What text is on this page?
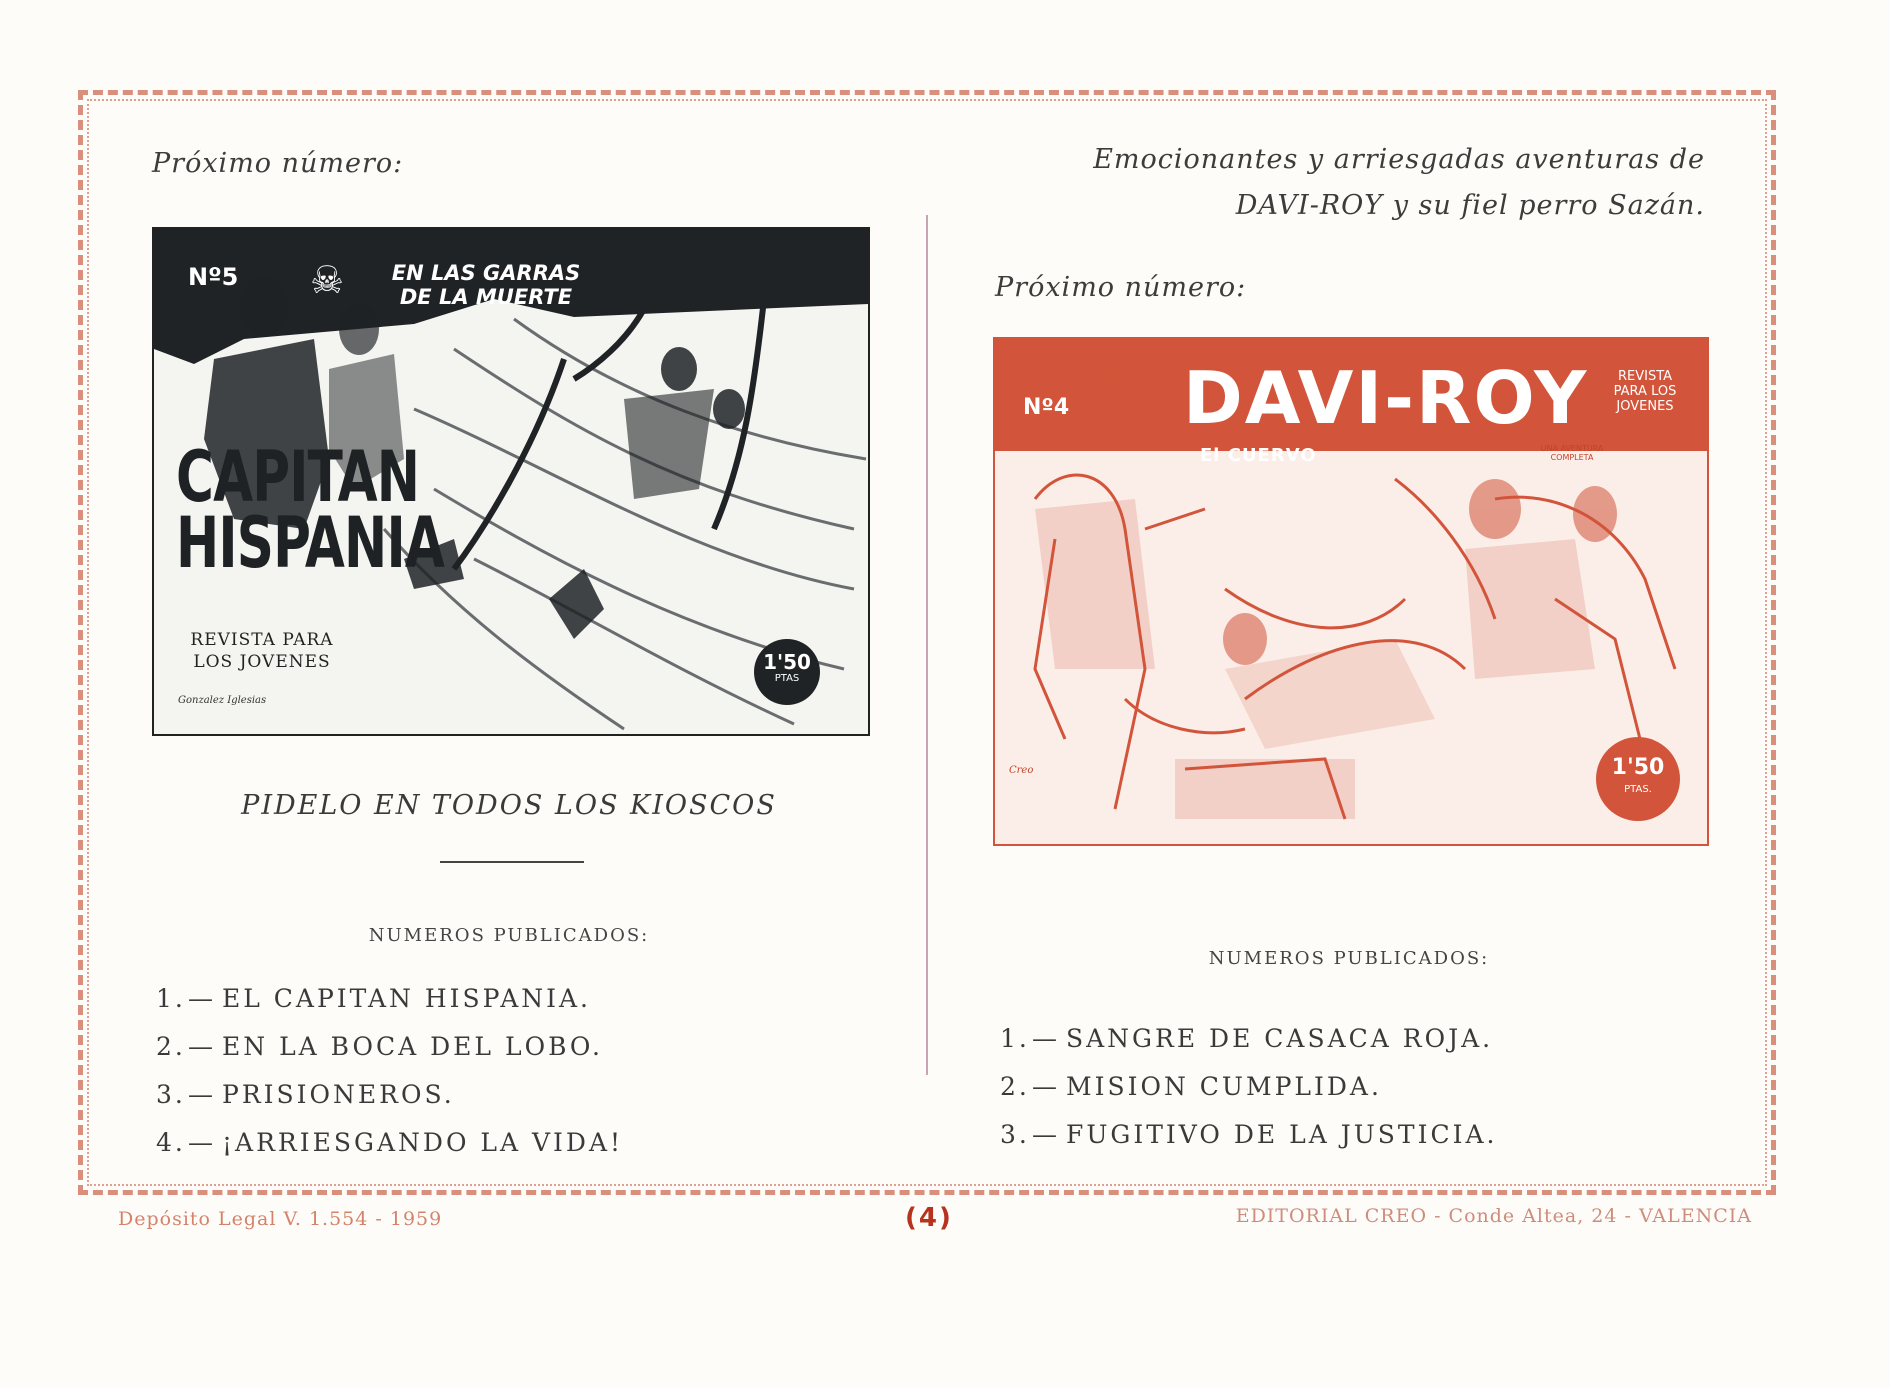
Próximo número:
Nº5 ☠ EN LAS GARRAS DE LA MUERTE
CAPITAN
HISPANIA
REVISTA PARA LOS JOVENES	1'50
PTAS
Gonzalez Iglesias
PIDELO EN TODOS LOS KIOSCOS
NUMEROS PUBLICADOS:
1.— EL CAPITAN HISPANIA.
2.— EN LA BOCA DEL LOBO.
3.— PRISIONEROS.
4.— ¡ARRIESGANDO LA VIDA!
Emocionantes y arriesgadas aventuras de
DAVI-ROY y su fiel perro Sazán.
Próximo número:
Nº4 DAVI-ROY	REVISTA PARA LOS JOVENES
El CUERVO	UNA AVENTURA COMPLETA
1'50
PTAS.
Creo
NUMEROS PUBLICADOS:
1.— SANGRE DE CASACA ROJA.
2.— MISION CUMPLIDA.
3.— FUGITIVO DE LA JUSTICIA.
Depósito Legal V. 1.554 - 1959	(4)	EDITORIAL CREO - Conde Altea, 24 - VALENCIA
